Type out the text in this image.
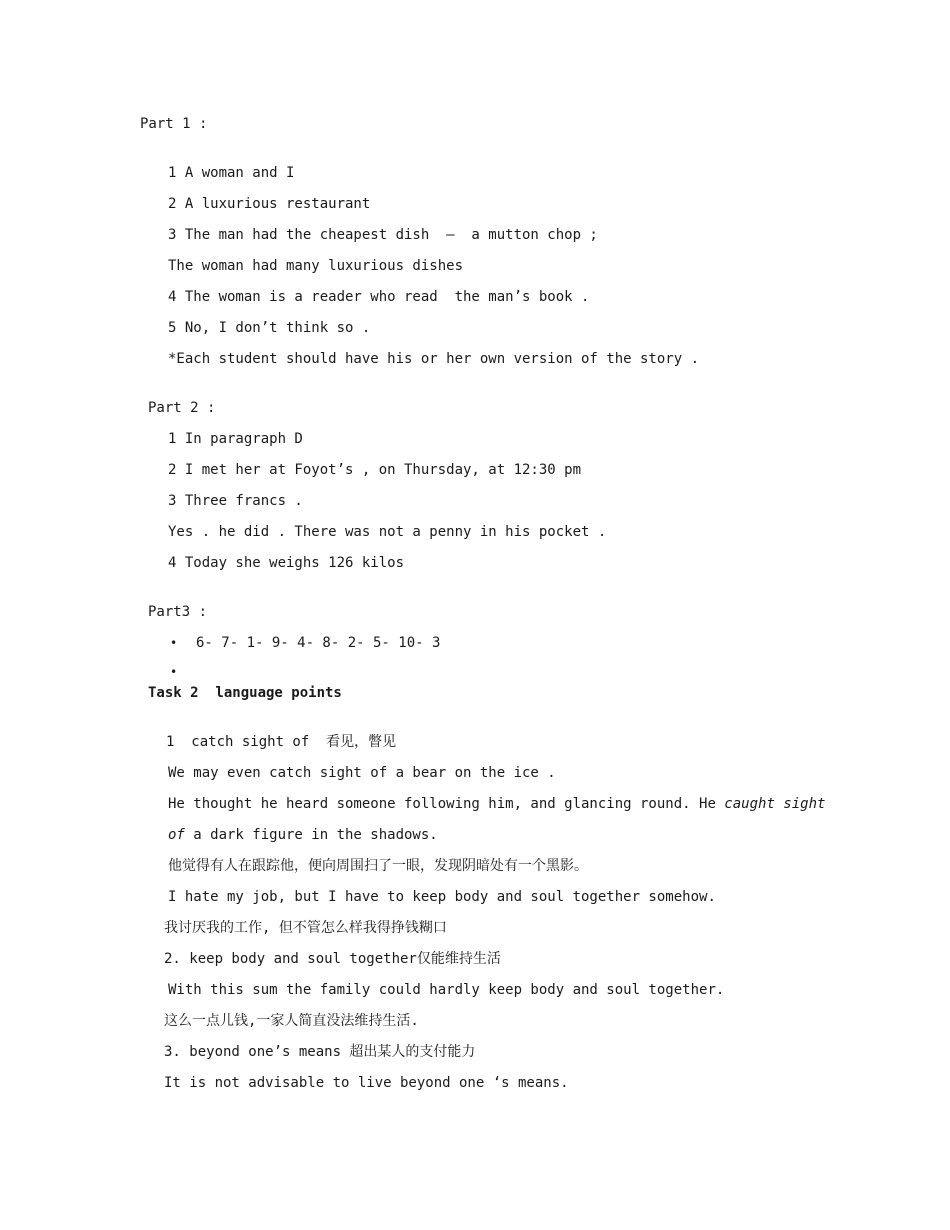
Part 1 :
1 A woman and I
2 A luxurious restaurant
3 The man had the cheapest dish  –  a mutton chop ;
The woman had many luxurious dishes
4 The woman is a reader who read  the man’s book .
5 No, I don’t think so .
*Each student should have his or her own version of the story .
Part 2 :
1 In paragraph D
2 I met her at Foyot’s , on Thursday, at 12:30 pm
3 Three francs .
Yes . he did . There was not a penny in his pocket .
4 Today she weighs 126 kilos
Part3 :
• 6- 7- 1- 9- 4- 8- 2- 5- 10- 3
•
Task 2  language points
1  catch sight of  看见，瞥见
We may even catch sight of a bear on the ice .
He thought he heard someone following him, and glancing round. He caught sight
of a dark figure in the shadows.
他觉得有人在跟踪他，便向周围扫了一眼，发现阴暗处有一个黑影。
I hate my job, but I have to keep body and soul together somehow.
我讨厌我的工作, 但不管怎么样我得挣钱糊口
2. keep body and soul together仅能维持生活
With this sum the family could hardly keep body and soul together.
这么一点儿钱,一家人简直没法维持生活.
3. beyond one’s means 超出某人的支付能力
It is not advisable to live beyond one ‘s means.
